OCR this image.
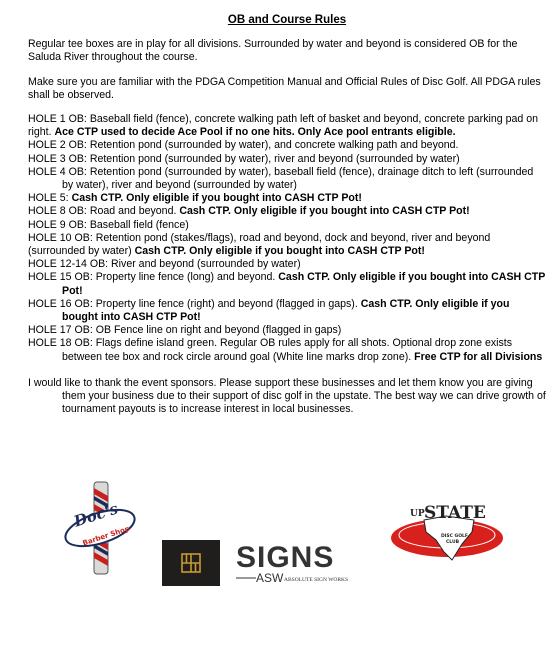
OB and Course Rules

Regular tee boxes are in play for all divisions. Surrounded by water and beyond is considered OB for the Saluda River throughout the course.

Make sure you are familiar with the PDGA Competition Manual and Official Rules of Disc Golf. All PDGA rules shall be observed.

HOLE 1 OB: Baseball field (fence), concrete walking path left of basket and beyond, concrete parking pad on right. Ace CTP used to decide Ace Pool if no one hits. Only Ace pool entrants eligible.
HOLE 2 OB: Retention pond (surrounded by water), and concrete walking path and beyond.
HOLE 3 OB: Retention pond (surrounded by water), river and beyond (surrounded by water)
HOLE 4 OB: Retention pond (surrounded by water), baseball field (fence), drainage ditch to left (surrounded by water), river and beyond (surrounded by water)
HOLE 5: Cash CTP. Only eligible if you bought into CASH CTP Pot!
HOLE 8 OB: Road and beyond. Cash CTP. Only eligible if you bought into CASH CTP Pot!
HOLE 9 OB: Baseball field (fence)
HOLE 10 OB: Retention pond (stakes/flags), road and beyond, dock and beyond, river and beyond (surrounded by water) Cash CTP. Only eligible if you bought into CASH CTP Pot!
HOLE 12-14 OB: River and beyond (surrounded by water)
HOLE 15 OB: Property line fence (long) and beyond. Cash CTP. Only eligible if you bought into CASH CTP Pot!
HOLE 16 OB: Property line fence (right) and beyond (flagged in gaps). Cash CTP. Only eligible if you bought into CASH CTP Pot!
HOLE 17 OB: OB Fence line on right and beyond (flagged in gaps)
HOLE 18 OB: Flags define island green. Regular OB rules apply for all shots. Optional drop zone exists between tee box and rock circle around goal (White line marks drop zone). Free CTP for all Divisions
I would like to thank the event sponsors. Please support these businesses and let them know you are giving them your business due to their support of disc golf in the upstate. The best way we can drive growth of tournament payouts is to increase interest in local businesses.
Doc's
Barber Shop
SIGNS
ASW ABSOLUTE SIGN WORKS
UP STATE
DISC GOLF
CLUB
